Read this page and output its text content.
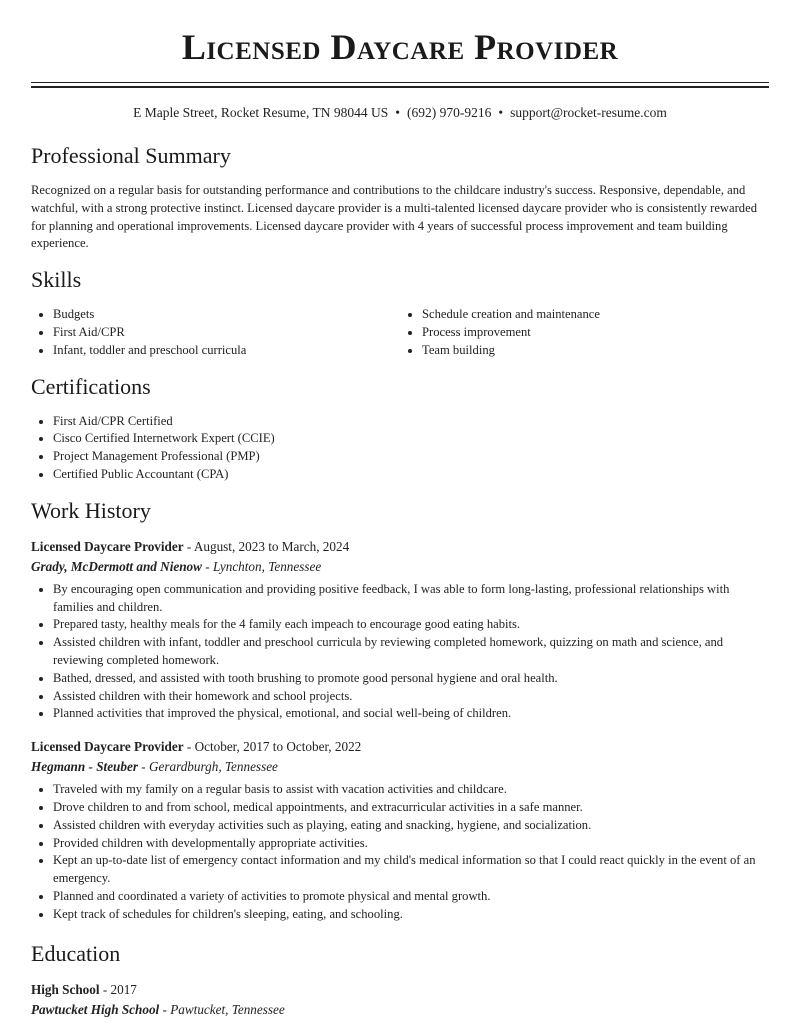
Licensed Daycare Provider
E Maple Street, Rocket Resume, TN 98044 US • (692) 970-9216 • support@rocket-resume.com
Professional Summary

Recognized on a regular basis for outstanding performance and contributions to the childcare industry's success. Responsive, dependable, and watchful, with a strong protective instinct. Licensed daycare provider is a multi-talented licensed daycare provider who is consistently rewarded for planning and operational improvements. Licensed daycare provider with 4 years of successful process improvement and team building experience.

Skills
• Budgets
• First Aid/CPR
• Infant, toddler and preschool curricula
• Schedule creation and maintenance
• Process improvement
• Team building
Certifications
• First Aid/CPR Certified
• Cisco Certified Internetwork Expert (CCIE)
• Project Management Professional (PMP)
• Certified Public Accountant (CPA)
Work History

Licensed Daycare Provider - August, 2023 to March, 2024

Grady, McDermott and Nienow - Lynchton, Tennessee

• By encouraging open communication and providing positive feedback, I was able to form long-lasting, professional relationships with families and children.
• Prepared tasty, healthy meals for the 4 family each impeach to encourage good eating habits.
• Assisted children with infant, toddler and preschool curricula by reviewing completed homework, quizzing on math and science, and reviewing completed homework.
• Bathed, dressed, and assisted with tooth brushing to promote good personal hygiene and oral health.
• Assisted children with their homework and school projects.
• Planned activities that improved the physical, emotional, and social well-being of children.

Licensed Daycare Provider - October, 2017 to October, 2022

Hegmann - Steuber - Gerardburgh, Tennessee

• Traveled with my family on a regular basis to assist with vacation activities and childcare.
• Drove children to and from school, medical appointments, and extracurricular activities in a safe manner.
• Assisted children with everyday activities such as playing, eating and snacking, hygiene, and socialization.
• Provided children with developmentally appropriate activities.
• Kept an up-to-date list of emergency contact information and my child's medical information so that I could react quickly in the event of an emergency.
• Planned and coordinated a variety of activities to promote physical and mental growth.
• Kept track of schedules for children's sleeping, eating, and schooling.
Education

High School - 2017

Pawtucket High School - Pawtucket, Tennessee
